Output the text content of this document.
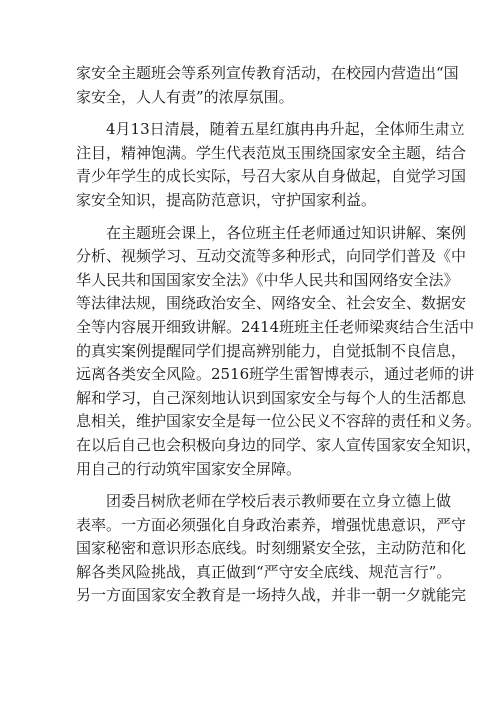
家安全主题班会等系列宣传教育活动，在校园内营造出“国
家安全，人人有责”的浓厚氛围。

　　4月13日清晨，随着五星红旗冉冉升起，全体师生肃立
注目，精神饱满。学生代表范岚玉围绕国家安全主题，结合
青少年学生的成长实际，号召大家从自身做起，自觉学习国
家安全知识，提高防范意识，守护国家利益。

　　在主题班会课上，各位班主任老师通过知识讲解、案例
分析、视频学习、互动交流等多种形式，向同学们普及《中
华人民共和国国家安全法》《中华人民共和国网络安全法》
等法律法规，围绕政治安全、网络安全、社会安全、数据安
全等内容展开细致讲解。2414班班主任老师梁爽结合生活中
的真实案例提醒同学们提高辨别能力，自觉抵制不良信息，
远离各类安全风险。2516班学生雷智博表示，通过老师的讲
解和学习，自己深刻地认识到国家安全与每个人的生活都息
息相关，维护国家安全是每一位公民义不容辞的责任和义务。
在以后自己也会积极向身边的同学、家人宣传国家安全知识，
用自己的行动筑牢国家安全屏障。

　　团委吕树欣老师在学校后表示教师要在立身立德上做
表率。一方面必须强化自身政治素养，增强忧患意识，严守
国家秘密和意识形态底线。时刻绷紧安全弦，主动防范和化
解各类风险挑战，真正做到“严守安全底线、规范言行”。
另一方面国家安全教育是一场持久战，并非一朝一夕就能完
